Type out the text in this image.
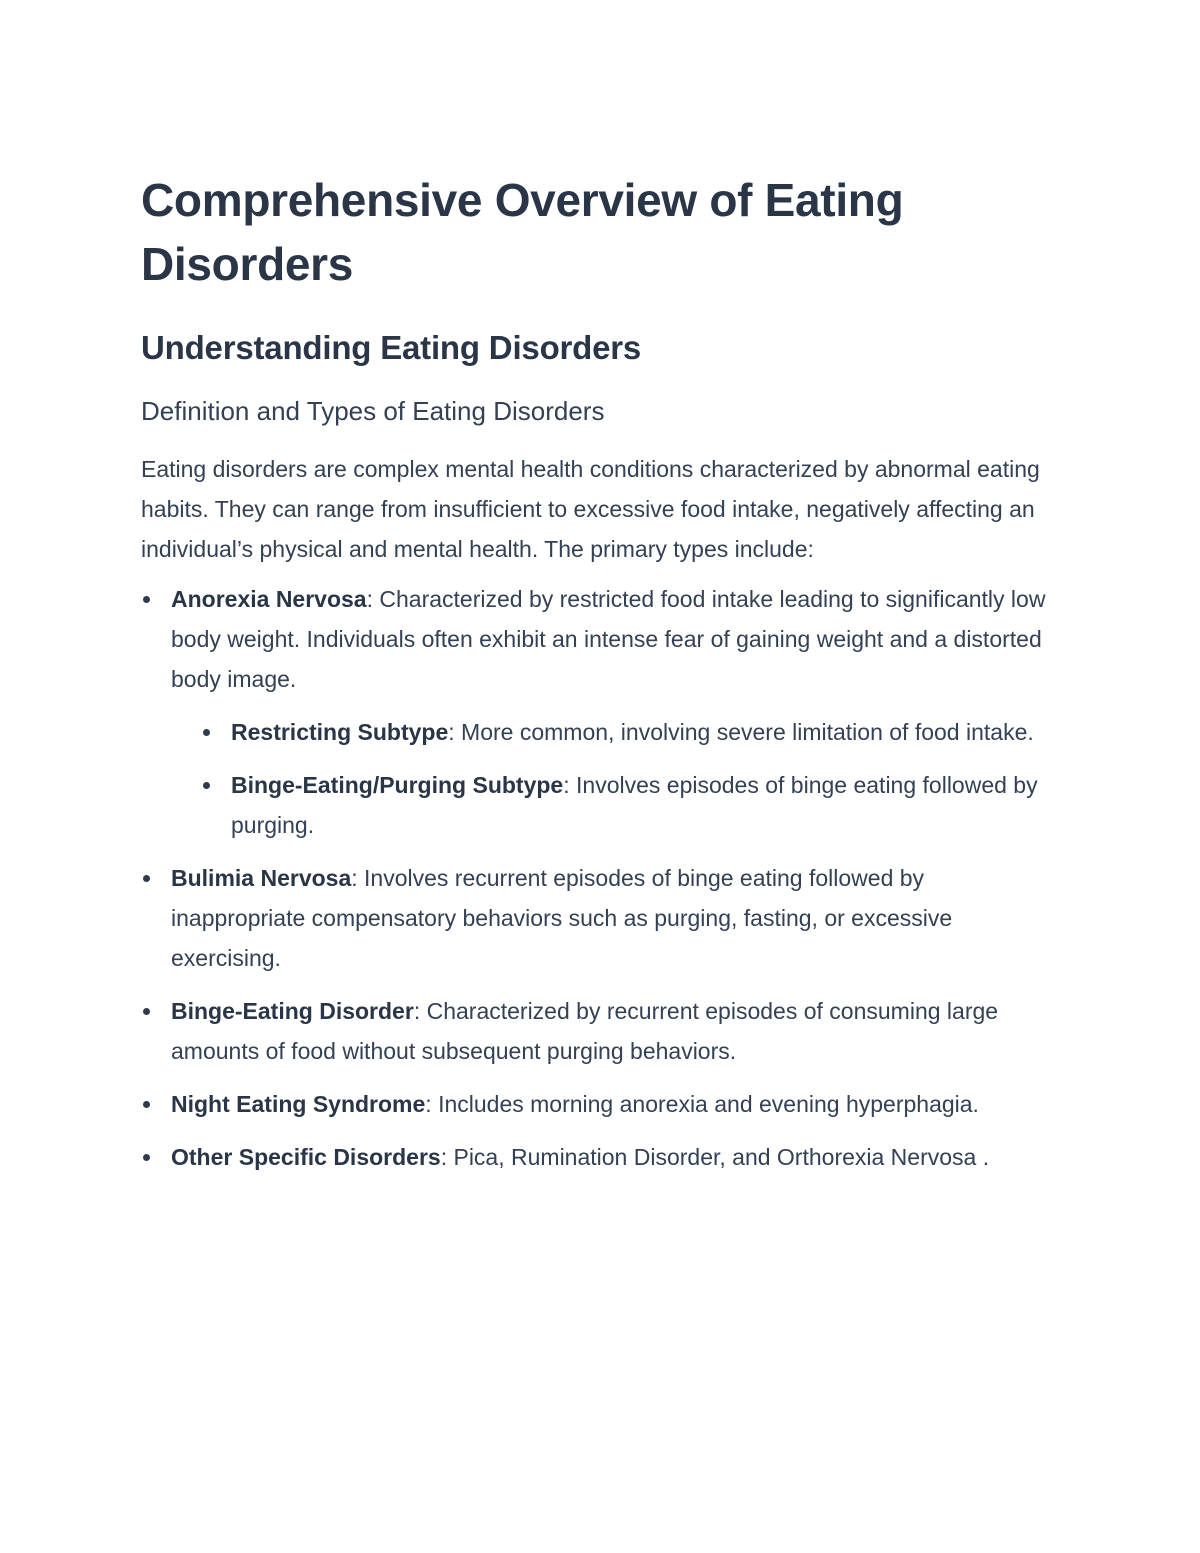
Comprehensive Overview of Eating Disorders
Understanding Eating Disorders
Definition and Types of Eating Disorders

Eating disorders are complex mental health conditions characterized by abnormal eating habits. They can range from insufficient to excessive food intake, negatively affecting an individual’s physical and mental health. The primary types include:

Anorexia Nervosa: Characterized by restricted food intake leading to significantly low body weight. Individuals often exhibit an intense fear of gaining weight and a distorted body image.
Restricting Subtype: More common, involving severe limitation of food intake.
Binge-Eating/Purging Subtype: Involves episodes of binge eating followed by purging.
Bulimia Nervosa: Involves recurrent episodes of binge eating followed by inappropriate compensatory behaviors such as purging, fasting, or excessive exercising.
Binge-Eating Disorder: Characterized by recurrent episodes of consuming large amounts of food without subsequent purging behaviors.
Night Eating Syndrome: Includes morning anorexia and evening hyperphagia.
Other Specific Disorders: Pica, Rumination Disorder, and Orthorexia Nervosa .
